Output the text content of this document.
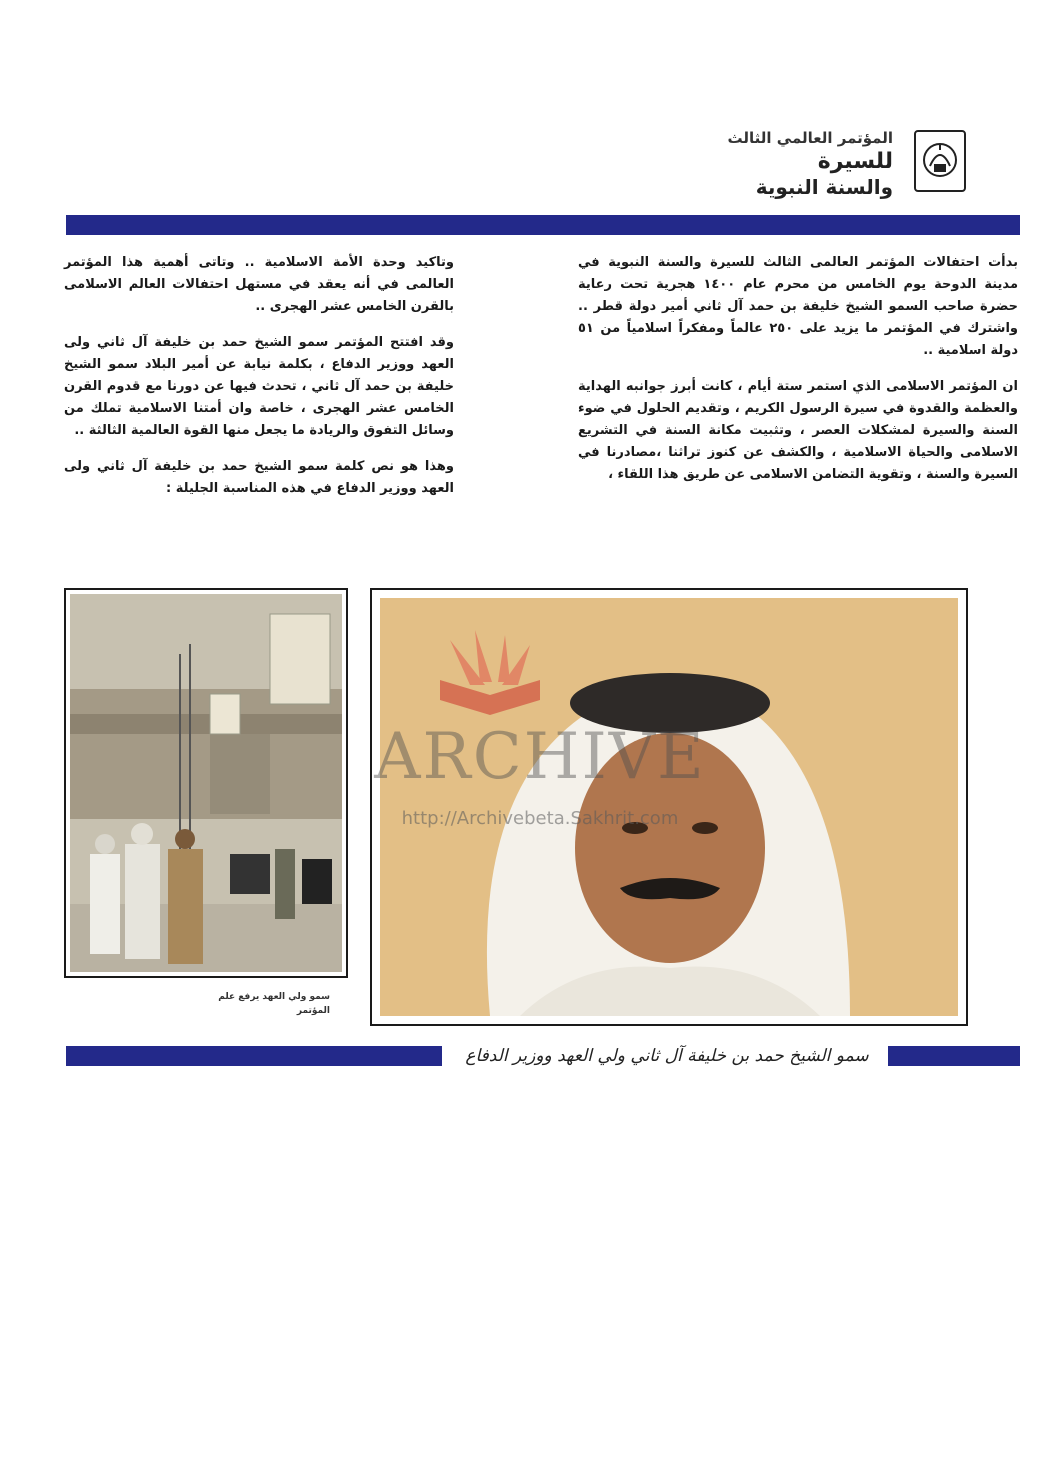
المؤتمر العالمي الثالث
للسيرة
والسنة النبوية

بدأت احتفالات المؤتمر العالمى الثالث للسيرة والسنة النبوية في مدينة الدوحة يوم الخامس من محرم عام ١٤٠٠ هجرية تحت رعاية حضرة صاحب السمو الشيخ خليفة بن حمد آل ثاني أمير دولة قطر .. واشترك في المؤتمر ما يزيد على ٢٥٠ عالماً ومفكراً اسلامياً من ٥١ دولة اسلامية ..

ان المؤتمر الاسلامى الذي استمر ستة أيام ، كانت أبرز جوانبه الهداية والعظمة والقدوة في سيرة الرسول الكريم ، وتقديم الحلول في ضوء السنة والسيرة لمشكلات العصر ، وتثبيت مكانة السنة في التشريع الاسلامى والحياة الاسلامية ، والكشف عن كنوز تراثنا ،مصادرنا في السيرة والسنة ، وتقوية التضامن الاسلامى عن طريق هذا اللقاء ،

وتاكيد وحدة الأمة الاسلامية .. وتاتى أهمية هذا المؤتمر العالمى في أنه يعقد في مستهل احتفالات العالم الاسلامى بالقرن الخامس عشر الهجرى ..

وقد افتتح المؤتمر سمو الشيخ حمد بن خليفة آل ثاني ولى العهد ووزير الدفاع ، بكلمة نيابة عن أمير البلاد سمو الشيخ خليفة بن حمد آل ثاني ، تحدث فيها عن دورنا مع قدوم القرن الخامس عشر الهجرى ، خاصة وان أمتنا الاسلامية تملك من وسائل التفوق والريادة ما يجعل منها القوة العالمية الثالثة ..

وهذا هو نص كلمة سمو الشيخ حمد بن خليفة آل ثاني ولى العهد ووزير الدفاع في هذه المناسبة الجليلة :

سمو ولي العهد يرفع علم المؤتمر
ARCHIVE
http://Archivebeta.Sakhrit.com
سمو الشيخ حمد بن خليفة آل ثاني ولي العهد ووزير الدفاع
